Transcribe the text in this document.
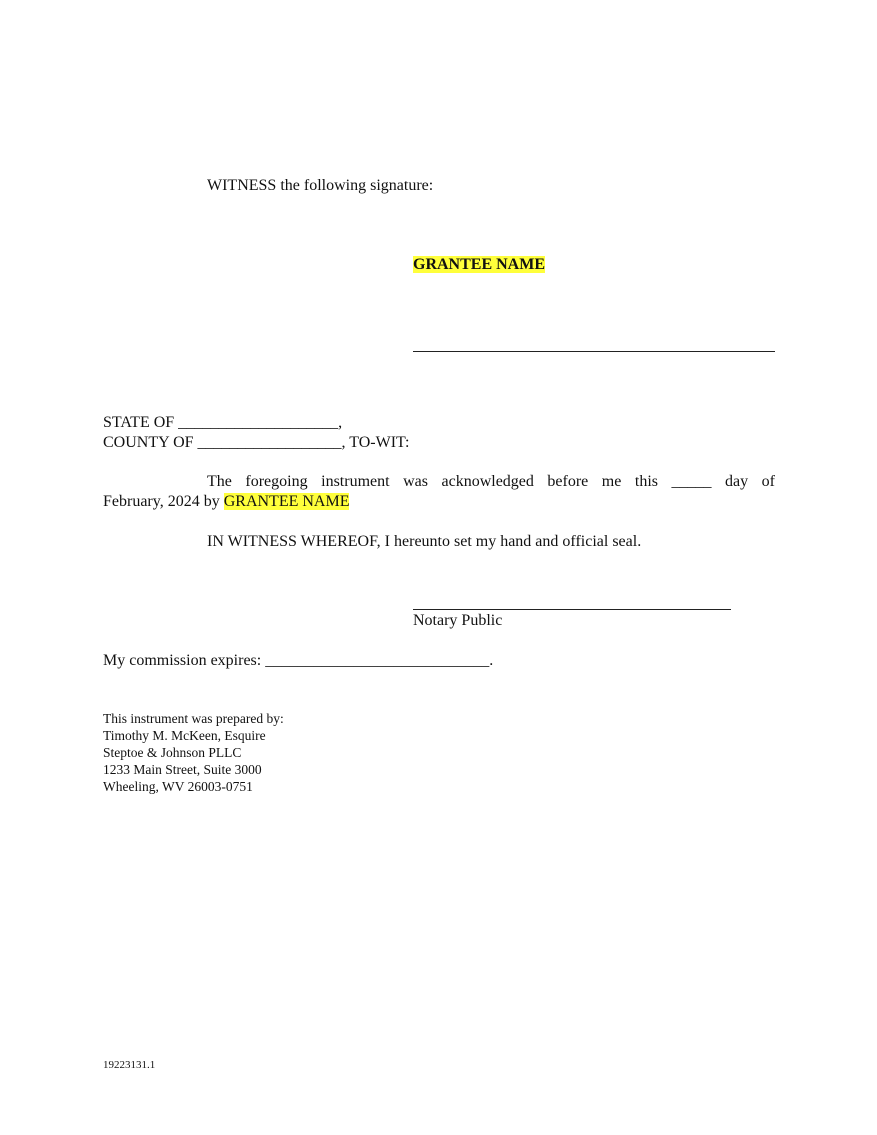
WITNESS the following signature:
GRANTEE NAME
STATE OF ____________________,
COUNTY OF __________________, TO-WIT:
The foregoing instrument was acknowledged before me this _____ day of
February, 2024 by GRANTEE NAME
IN WITNESS WHEREOF, I hereunto set my hand and official seal.
Notary Public
My commission expires: ____________________________.
This instrument was prepared by:
Timothy M. McKeen, Esquire
Steptoe & Johnson PLLC
1233 Main Street, Suite 3000
Wheeling, WV 26003-0751
19223131.1
